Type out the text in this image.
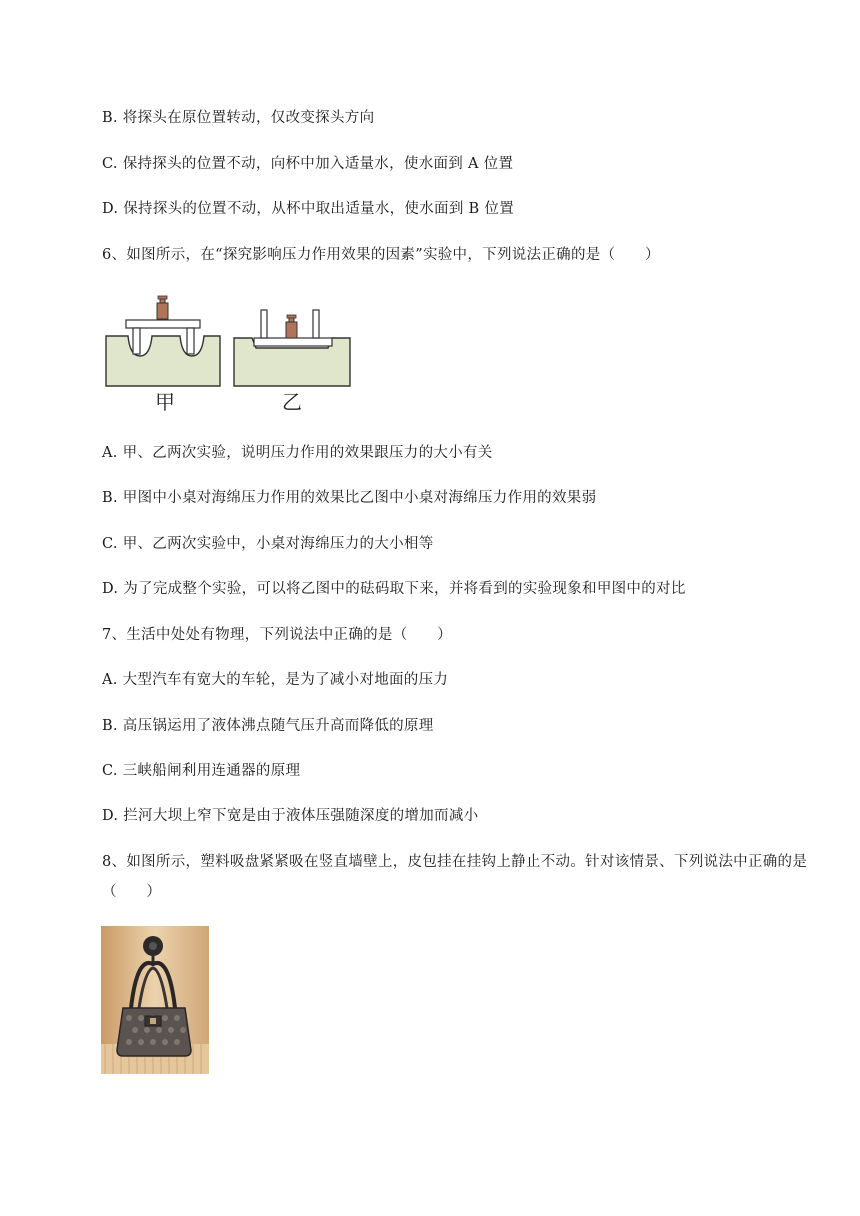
B. 将探头在原位置转动，仅改变探头方向
C. 保持探头的位置不动，向杯中加入适量水，使水面到 A 位置
D. 保持探头的位置不动，从杯中取出适量水，使水面到 B 位置
6、如图所示，在“探究影响压力作用效果的因素”实验中，下列说法正确的是（　　）
甲	乙
A. 甲、乙两次实验，说明压力作用的效果跟压力的大小有关
B. 甲图中小桌对海绵压力作用的效果比乙图中小桌对海绵压力作用的效果弱
C. 甲、乙两次实验中，小桌对海绵压力的大小相等
D. 为了完成整个实验，可以将乙图中的砝码取下来，并将看到的实验现象和甲图中的对比
7、生活中处处有物理，下列说法中正确的是（　　）
A. 大型汽车有宽大的车轮，是为了减小对地面的压力
B. 高压锅运用了液体沸点随气压升高而降低的原理
C. 三峡船闸利用连通器的原理
D. 拦河大坝上窄下宽是由于液体压强随深度的增加而减小
8、如图所示，塑料吸盘紧紧吸在竖直墙壁上，皮包挂在挂钩上静止不动。针对该情景、下列说法中正确的是（　　）
